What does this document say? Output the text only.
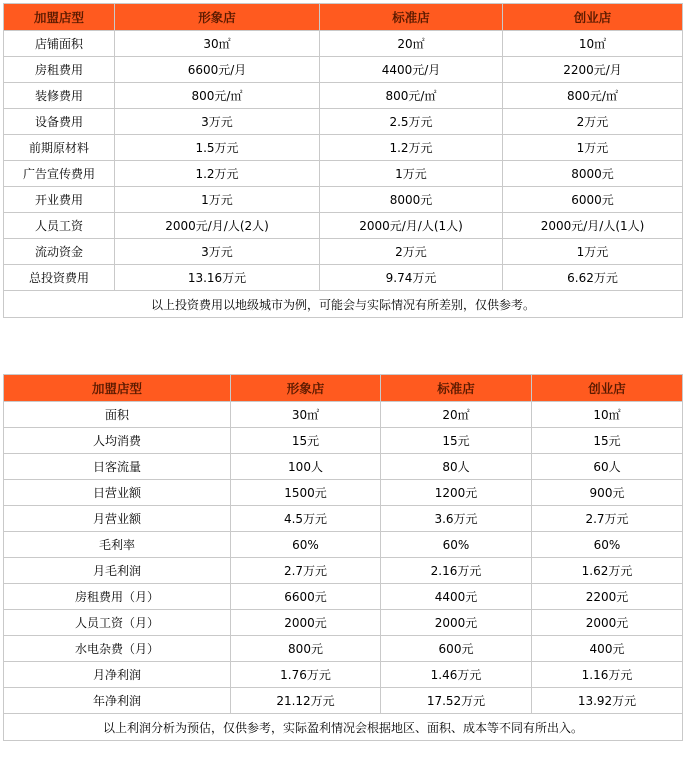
加盟店型	形象店	标准店	创业店
店铺面积	30㎡	20㎡	10㎡
房租费用	6600元/月	4400元/月	2200元/月
装修费用	800元/㎡	800元/㎡	800元/㎡
设备费用	3万元	2.5万元	2万元
前期原材料	1.5万元	1.2万元	1万元
广告宣传费用	1.2万元	1万元	8000元
开业费用	1万元	8000元	6000元
人员工资	2000元/月/人(2人)	2000元/月/人(1人)	2000元/月/人(1人)
流动资金	3万元	2万元	1万元
总投资费用	13.16万元	9.74万元	6.62万元
以上投资费用以地级城市为例，可能会与实际情况有所差别，仅供参考。			
加盟店型	形象店	标准店	创业店
面积	30㎡	20㎡	10㎡
人均消费	15元	15元	15元
日客流量	100人	80人	60人
日营业额	1500元	1200元	900元
月营业额	4.5万元	3.6万元	2.7万元
毛利率	60%	60%	60%
月毛利润	2.7万元	2.16万元	1.62万元
房租费用（月）	6600元	4400元	2200元
人员工资（月）	2000元	2000元	2000元
水电杂费（月）	800元	600元	400元
月净利润	1.76万元	1.46万元	1.16万元
年净利润	21.12万元	17.52万元	13.92万元
以上利润分析为预估，仅供参考，实际盈利情况会根据地区、面积、成本等不同有所出入。			
